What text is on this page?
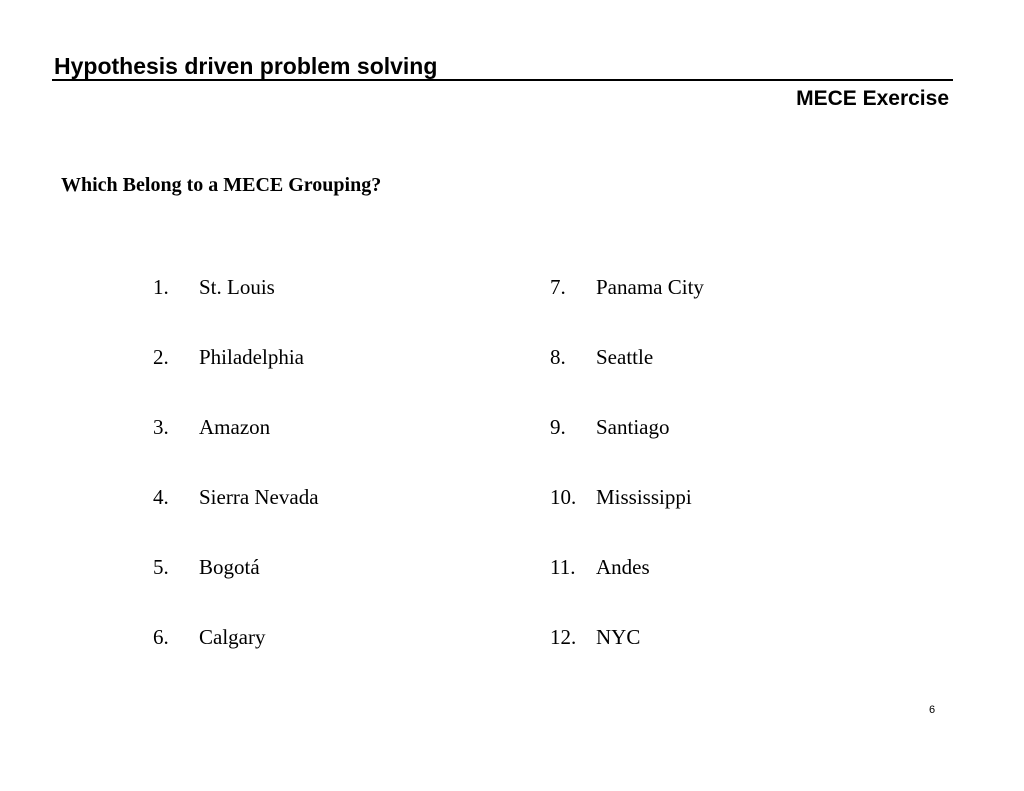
Hypothesis driven problem solving
MECE Exercise
Which Belong to a MECE Grouping?
1. St. Louis
2. Philadelphia
3. Amazon
4. Sierra Nevada
5. Bogotá
6. Calgary
7. Panama City
8. Seattle
9. Santiago
10. Mississippi
11. Andes
12. NYC
6
